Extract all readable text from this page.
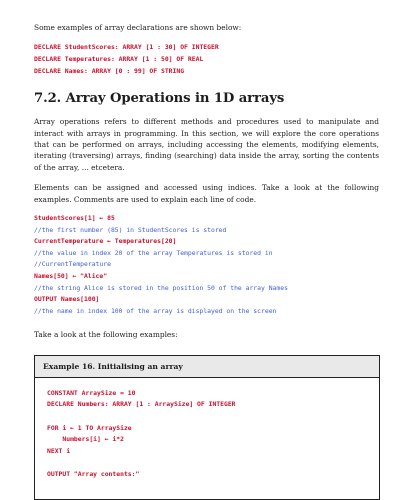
Some examples of array declarations are shown below:

DECLARE StudentScores: ARRAY [1 : 30] OF INTEGER
DECLARE Temperatures: ARRAY [1 : 50] OF REAL
DECLARE Names: ARRAY [0 : 99] OF STRING
7.2. Array Operations in 1D arrays

Array operations refers to different methods and procedures used to manipulate and interact with arrays in programming. In this section, we will explore the core operations that can be performed on arrays, including accessing the elements, modifying elements, iterating (traversing) arrays, finding (searching) data inside the array, sorting the contents of the array, ... etcetera.

Elements can be assigned and accessed using indices. Take a look at the following examples. Comments are used to explain each line of code.

StudentScores[1] ← 85
//the first number (85) in StudentScores is stored
CurrentTemperature ← Temperatures[20]
//the value in index 20 of the array Temperatures is stored in
//CurrentTemperature
Names[50] ← "Alice"
//the string Alice is stored in the position 50 of the array Names
OUTPUT Names[100]
//the name in index 100 of the array is displayed on the screen

Take a look at the following examples:

Example 16. Initialising an array
CONSTANT ArraySize = 10
DECLARE Numbers: ARRAY [1 : ArraySize] OF INTEGER
FOR i ← 1 TO ArraySize
Numbers[i] ← i*2
NEXT i
OUTPUT "Array contents:"
